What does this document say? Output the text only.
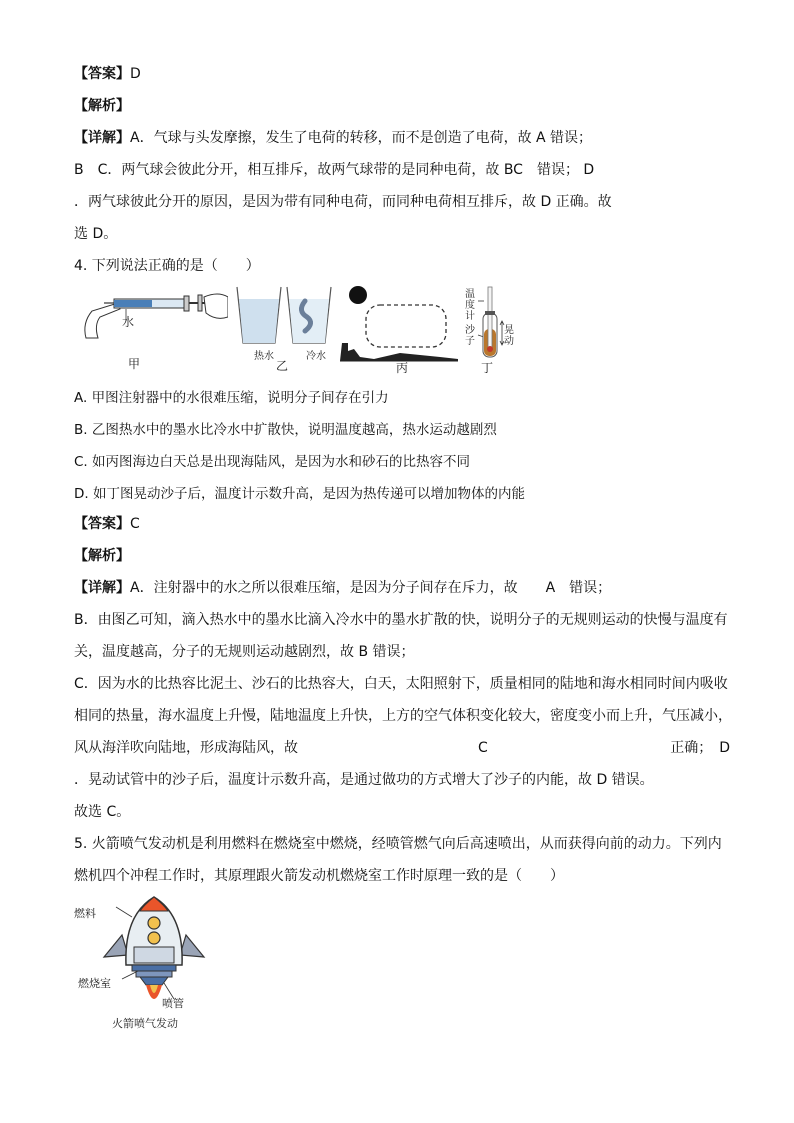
【答案】D
【解析】
【详解】A．气球与头发摩擦，发生了电荷的转移，而不是创造了电荷，故 A 错误；
B　C．两气球会彼此分开，相互排斥，故两气球带的是同种电荷，故 BC　错误； D
．两气球彼此分开的原因，是因为带有同种电荷，而同种电荷相互排斥，故 D 正确。故
选 D。
4. 下列说法正确的是（　　）
水
甲
热水	冷水
乙	丙
温度计
沙子
晃动
丁
A. 甲图注射器中的水很难压缩，说明分子间存在引力
B. 乙图热水中的墨水比冷水中扩散快，说明温度越高，热水运动越剧烈
C. 如丙图海边白天总是出现海陆风，是因为水和砂石的比热容不同
D. 如丁图晃动沙子后，温度计示数升高，是因为热传递可以增加物体的内能
【答案】C
【解析】
【详解】A．注射器中的水之所以很难压缩，是因为分子间存在斥力，故　　A　错误；
B．由图乙可知，滴入热水中的墨水比滴入冷水中的墨水扩散的快，说明分子的无规则运动的快慢与温度有
关，温度越高，分子的无规则运动越剧烈，故 B 错误；
C．因为水的比热容比泥土、沙石的比热容大，白天，太阳照射下，质量相同的陆地和海水相同时间内吸收
相同的热量，海水温度上升慢，陆地温度上升快，上方的空气体积变化较大，密度变小而上升，气压减小，
风从海洋吹向陆地，形成海陆风，故	C	正确；　D
．晃动试管中的沙子后，温度计示数升高，是通过做功的方式增大了沙子的内能，故 D 错误。
故选 C。
5. 火箭喷气发动机是利用燃料在燃烧室中燃烧，经喷管燃气向后高速喷出，从而获得向前的动力。下列内
燃机四个冲程工作时，其原理跟火箭发动机燃烧室工作时原理一致的是（　　）
燃料
燃烧室
喷管
火箭喷气发动
